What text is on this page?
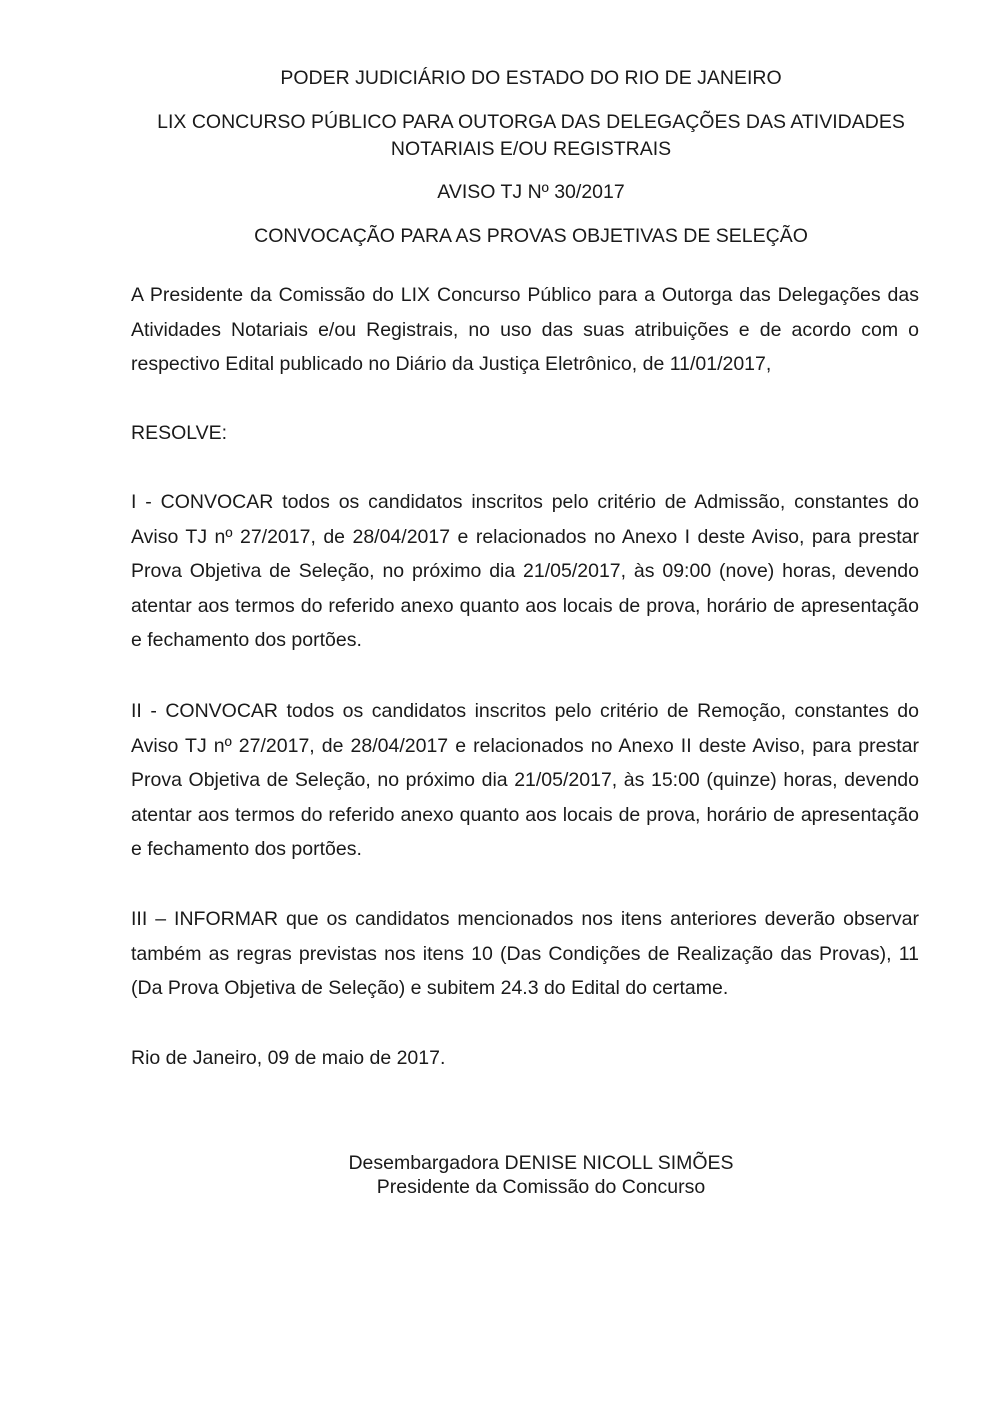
PODER JUDICIÁRIO DO ESTADO DO RIO DE JANEIRO

LIX CONCURSO PÚBLICO PARA OUTORGA DAS DELEGAÇÕES DAS ATIVIDADES
NOTARIAIS E/OU REGISTRAIS

AVISO TJ Nº 30/2017

CONVOCAÇÃO PARA AS PROVAS OBJETIVAS DE SELEÇÃO

A Presidente da Comissão do LIX Concurso Público para a Outorga das Delegações das Atividades Notariais e/ou Registrais, no uso das suas atribuições e de acordo com o respectivo Edital publicado no Diário da Justiça Eletrônico, de 11/01/2017,

RESOLVE:

I - CONVOCAR todos os candidatos inscritos pelo critério de Admissão, constantes do Aviso TJ nº 27/2017, de 28/04/2017 e relacionados no Anexo I deste Aviso, para prestar Prova Objetiva de Seleção, no próximo dia 21/05/2017, às 09:00 (nove) horas, devendo atentar aos termos do referido anexo quanto aos locais de prova, horário de apresentação e fechamento dos portões.

II - CONVOCAR todos os candidatos inscritos pelo critério de Remoção, constantes do Aviso TJ nº 27/2017, de 28/04/2017 e relacionados no Anexo II deste Aviso, para prestar Prova Objetiva de Seleção, no próximo dia 21/05/2017, às 15:00 (quinze) horas, devendo atentar aos termos do referido anexo quanto aos locais de prova, horário de apresentação e fechamento dos portões.

III – INFORMAR que os candidatos mencionados nos itens anteriores deverão observar também as regras previstas nos itens 10 (Das Condições de Realização das Provas), 11 (Da Prova Objetiva de Seleção) e subitem 24.3 do Edital do certame.

Rio de Janeiro, 09 de maio de 2017.

Desembargadora DENISE NICOLL SIMÕES
Presidente da Comissão do Concurso
